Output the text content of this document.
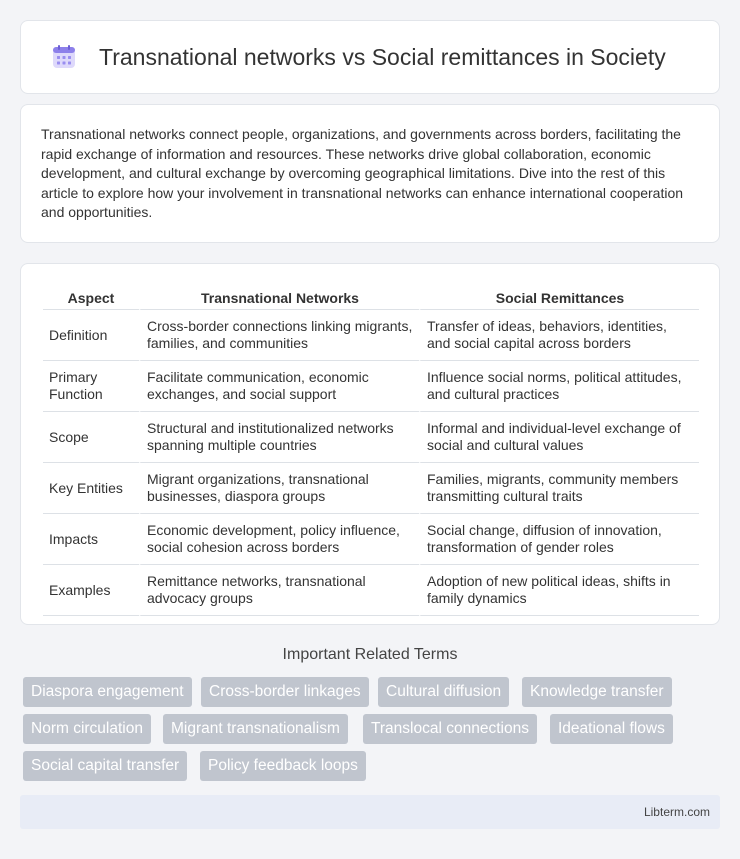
Transnational networks vs Social remittances in Society

Transnational networks connect people, organizations, and governments across borders, facilitating the rapid exchange of information and resources. These networks drive global collaboration, economic development, and cultural exchange by overcoming geographical limitations. Dive into the rest of this article to explore how your involvement in transnational networks can enhance international cooperation and opportunities.

Aspect	Transnational Networks	Social Remittances
Definition	Cross-border connections linking migrants, families, and communities	Transfer of ideas, behaviors, identities, and social capital across borders
Primary Function	Facilitate communication, economic exchanges, and social support	Influence social norms, political attitudes, and cultural practices
Scope	Structural and institutionalized networks spanning multiple countries	Informal and individual-level exchange of social and cultural values
Key Entities	Migrant organizations, transnational businesses, diaspora groups	Families, migrants, community members transmitting cultural traits
Impacts	Economic development, policy influence, social cohesion across borders	Social change, diffusion of innovation, transformation of gender roles
Examples	Remittance networks, transnational advocacy groups	Adoption of new political ideas, shifts in family dynamics
Important Related Terms
Diaspora engagement	Cross-border linkages	Cultural diffusion	Knowledge transfer
Norm circulation	Migrant transnationalism	Translocal connections	Ideational flows
Social capital transfer	Policy feedback loops
Libterm.com
